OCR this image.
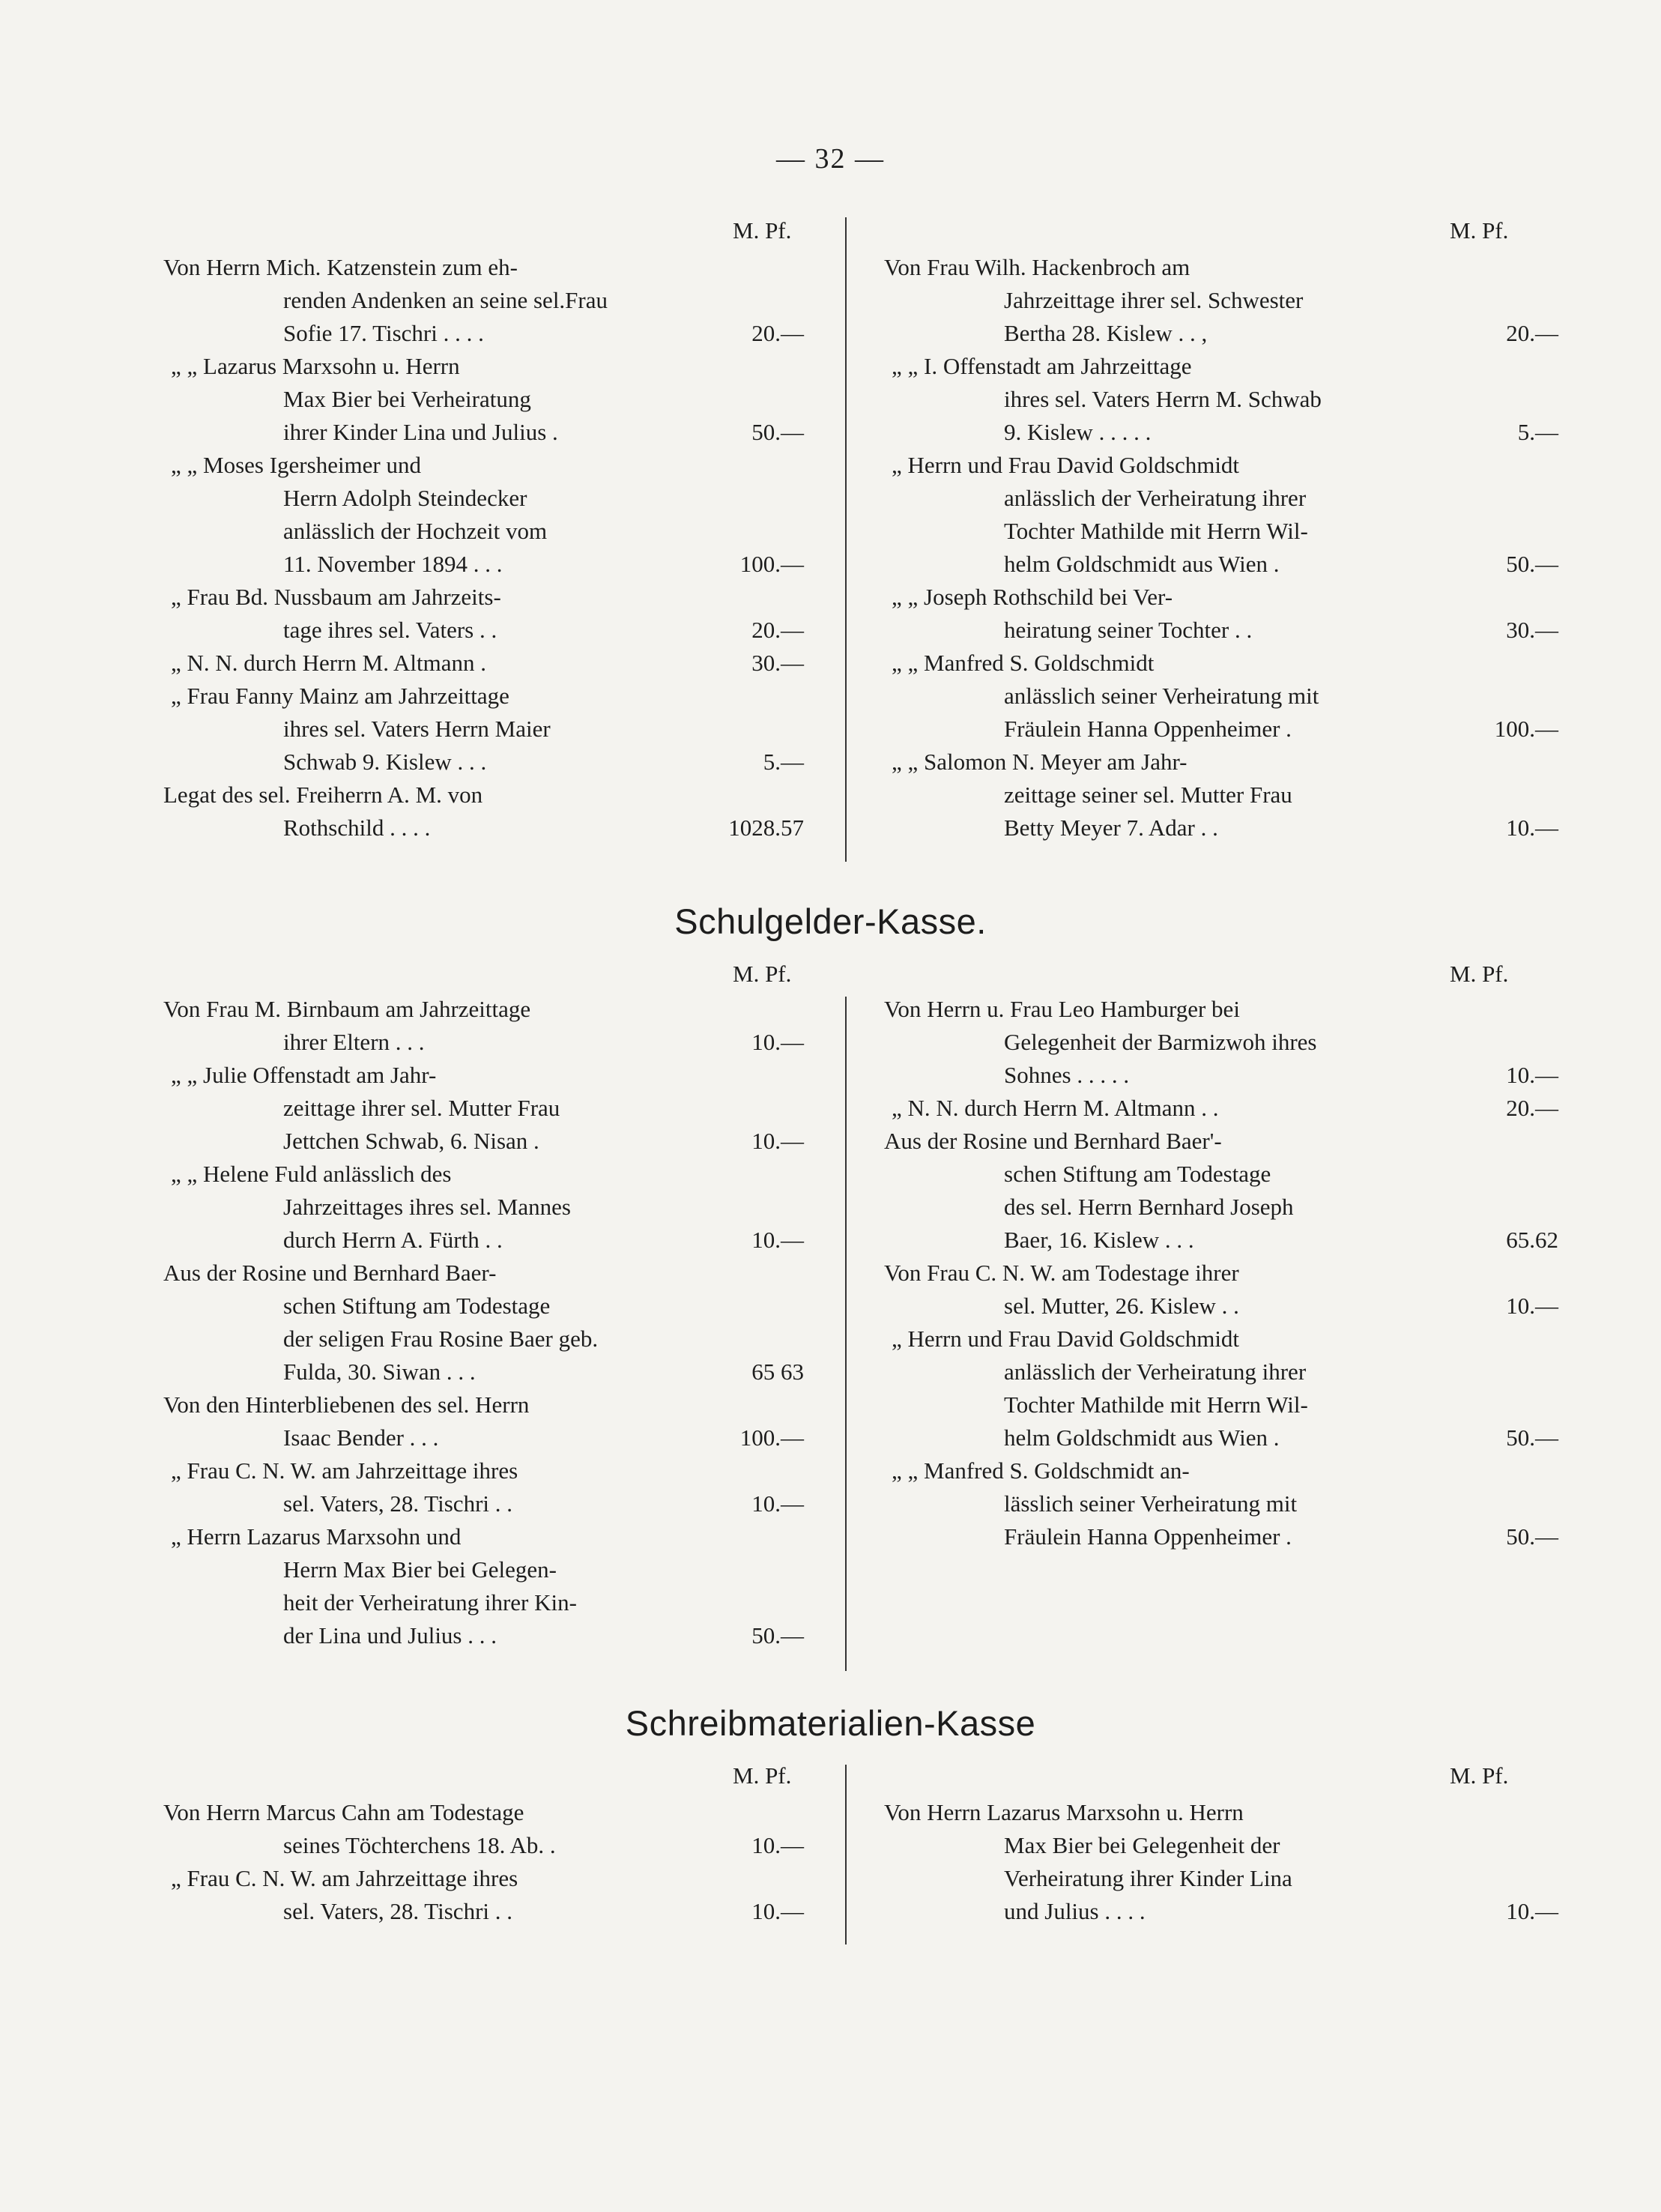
— 32 —
M. Pf.
Von Herrn Mich. Katzenstein zum eh-
renden Andenken an seine sel.Frau
Sofie 17. Tischri . . . .	20.—
„ „ Lazarus Marxsohn u. Herrn
Max Bier bei Verheiratung
ihrer Kinder Lina und Julius .	50.—
„ „ Moses Igersheimer und
Herrn Adolph Steindecker
anlässlich der Hochzeit vom
11. November 1894 . . .	100.—
„ Frau Bd. Nussbaum am Jahrzeits-
tage ihres sel. Vaters . .	20.—
„ N. N. durch Herrn M. Altmann .	30.—
„ Frau Fanny Mainz am Jahrzeittage
ihres sel. Vaters Herrn Maier
Schwab 9. Kislew . . .	5.—
Legat des sel. Freiherrn A. M. von
Rothschild . . . .	1028.57
M. Pf.
Von Frau Wilh. Hackenbroch am
Jahrzeittage ihrer sel. Schwester
Bertha 28. Kislew . . ,	20.—
„ „ I. Offenstadt am Jahrzeittage
ihres sel. Vaters Herrn M. Schwab
9. Kislew . . . . .	5.—
„ Herrn und Frau David Goldschmidt
anlässlich der Verheiratung ihrer
Tochter Mathilde mit Herrn Wil-
helm Goldschmidt aus Wien .	50.—
„ „ Joseph Rothschild bei Ver-
heiratung seiner Tochter . .	30.—
„ „ Manfred S. Goldschmidt
anlässlich seiner Verheiratung mit
Fräulein Hanna Oppenheimer .	100.—
„ „ Salomon N. Meyer am Jahr-
zeittage seiner sel. Mutter Frau
Betty Meyer 7. Adar . .	10.—
Schulgelder-Kasse.
M. Pf.
Von Frau M. Birnbaum am Jahrzeittage
ihrer Eltern . . .	10.—
„ „ Julie Offenstadt am Jahr-
zeittage ihrer sel. Mutter Frau
Jettchen Schwab, 6. Nisan .	10.—
„ „ Helene Fuld anlässlich des
Jahrzeittages ihres sel. Mannes
durch Herrn A. Fürth . .	10.—
Aus der Rosine und Bernhard Baer-
schen Stiftung am Todestage
der seligen Frau Rosine Baer geb.
Fulda, 30. Siwan . . .	65 63
Von den Hinterbliebenen des sel. Herrn
Isaac Bender . . .	100.—
„ Frau C. N. W. am Jahrzeittage ihres
sel. Vaters, 28. Tischri . .	10.—
„ Herrn Lazarus Marxsohn und
Herrn Max Bier bei Gelegen-
heit der Verheiratung ihrer Kin-
der Lina und Julius . . .	50.—
M. Pf.
Von Herrn u. Frau Leo Hamburger bei
Gelegenheit der Barmizwoh ihres
Sohnes . . . . .	10.—
„ N. N. durch Herrn M. Altmann . .	20.—
Aus der Rosine und Bernhard Baer'-
schen Stiftung am Todestage
des sel. Herrn Bernhard Joseph
Baer, 16. Kislew . . .	65.62
Von Frau C. N. W. am Todestage ihrer
sel. Mutter, 26. Kislew . .	10.—
„ Herrn und Frau David Goldschmidt
anlässlich der Verheiratung ihrer
Tochter Mathilde mit Herrn Wil-
helm Goldschmidt aus Wien .	50.—
„ „ Manfred S. Goldschmidt an-
lässlich seiner Verheiratung mit
Fräulein Hanna Oppenheimer .	50.—
Schreibmaterialien-Kasse
M. Pf.
Von Herrn Marcus Cahn am Todestage
seines Töchterchens 18. Ab. .	10.—
„ Frau C. N. W. am Jahrzeittage ihres
sel. Vaters, 28. Tischri . .	10.—
M. Pf.
Von Herrn Lazarus Marxsohn u. Herrn
Max Bier bei Gelegenheit der
Verheiratung ihrer Kinder Lina
und Julius . . . .	10.—
